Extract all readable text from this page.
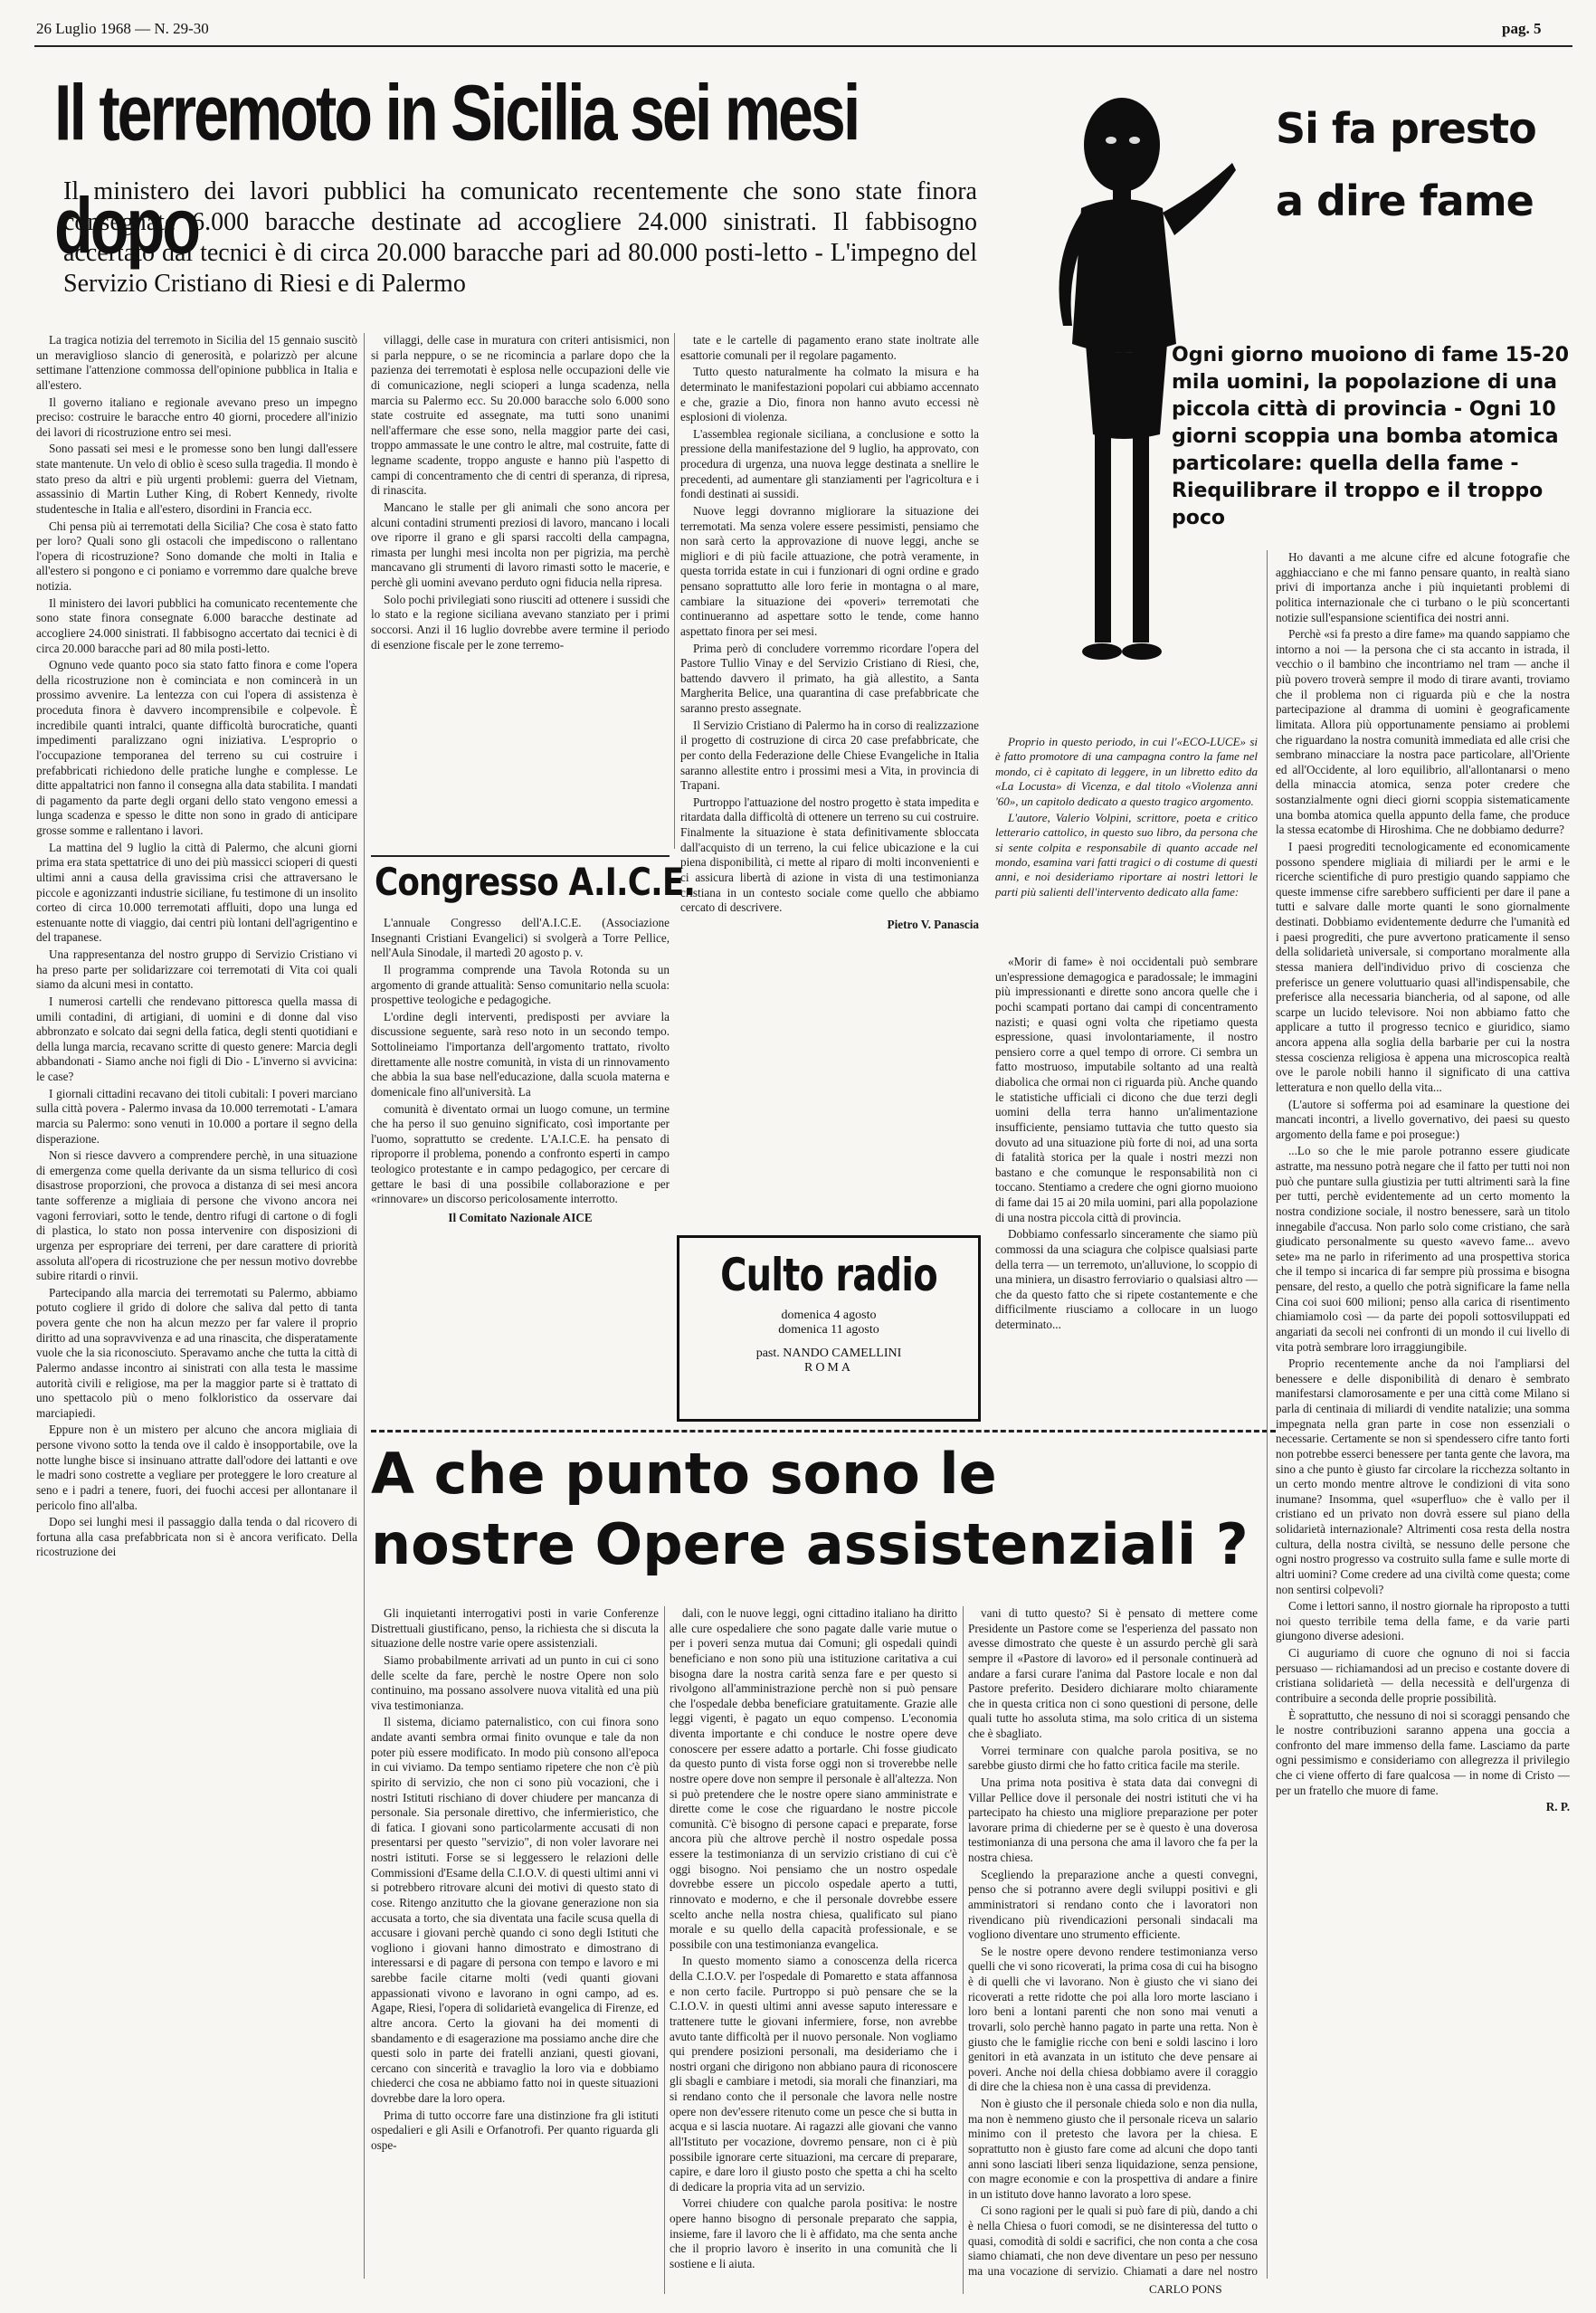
26 Luglio 1968 — N. 29-30	pag. 5
Il terremoto in Sicilia sei mesi dopo
Il ministero dei lavori pubblici ha comunicato recentemente che sono state finora consegnate 6.000 baracche destinate ad accogliere 24.000 sinistrati. Il fabbisogno accertato dai tecnici è di circa 20.000 baracche pari ad 80.000 posti-letto - L'impegno del Servizio Cristiano di Riesi e di Palermo

La tragica notizia del terremoto in Sicilia del 15 gennaio suscitò un meraviglioso slancio di generosità, e polarizzò per alcune settimane l'attenzione commossa dell'opinione pubblica in Italia e all'estero.

Il governo italiano e regionale avevano preso un impegno preciso: costruire le baracche entro 40 giorni, procedere all'inizio dei lavori di ricostruzione entro sei mesi.

Sono passati sei mesi e le promesse sono ben lungi dall'essere state mantenute. Un velo di oblio è sceso sulla tragedia. Il mondo è stato preso da altri e più urgenti problemi: guerra del Vietnam, assassinio di Martin Luther King, di Robert Kennedy, rivolte studentesche in Italia e all'estero, disordini in Francia ecc.

Chi pensa più ai terremotati della Sicilia? Che cosa è stato fatto per loro? Quali sono gli ostacoli che impediscono o rallentano l'opera di ricostruzione? Sono domande che molti in Italia e all'estero si pongono e ci poniamo e vorremmo dare qualche breve notizia.

Il ministero dei lavori pubblici ha comunicato recentemente che sono state finora consegnate 6.000 baracche destinate ad accogliere 24.000 sinistrati. Il fabbisogno accertato dai tecnici è di circa 20.000 baracche pari ad 80 mila posti-letto.

Ognuno vede quanto poco sia stato fatto finora e come l'opera della ricostruzione non è cominciata e non comincerà in un prossimo avvenire. La lentezza con cui l'opera di assistenza è proceduta finora è davvero incomprensibile e colpevole. È incredibile quanti intralci, quante difficoltà burocratiche, quanti impedimenti paralizzano ogni iniziativa. L'esproprio o l'occupazione temporanea del terreno su cui costruire i prefabbricati richiedono delle pratiche lunghe e complesse. Le ditte appaltatrici non fanno il consegna alla data stabilita. I mandati di pagamento da parte degli organi dello stato vengono emessi a lunga scadenza e spesso le ditte non sono in grado di anticipare grosse somme e rallentano i lavori.

La mattina del 9 luglio la città di Palermo, che alcuni giorni prima era stata spettatrice di uno dei più massicci scioperi di questi ultimi anni a causa della gravissima crisi che attraversano le piccole e agonizzanti industrie siciliane, fu testimone di un insolito corteo di circa 10.000 terremotati affluiti, dopo una lunga ed estenuante notte di viaggio, dai centri più lontani dell'agrigentino e del trapanese.

Una rappresentanza del nostro gruppo di Servizio Cristiano vi ha preso parte per solidarizzare coi terremotati di Vita coi quali siamo da alcuni mesi in contatto.

I numerosi cartelli che rendevano pittoresca quella massa di umili contadini, di artigiani, di uomini e di donne dal viso abbronzato e solcato dai segni della fatica, degli stenti quotidiani e della lunga marcia, recavano scritte di questo genere: Marcia degli abbandonati - Siamo anche noi figli di Dio - L'inverno si avvicina: le case?

I giornali cittadini recavano dei titoli cubitali: I poveri marciano sulla città povera - Palermo invasa da 10.000 terremotati - L'amara marcia su Palermo: sono venuti in 10.000 a portare il segno della disperazione.

Non si riesce davvero a comprendere perchè, in una situazione di emergenza come quella derivante da un sisma tellurico di così disastrose proporzioni, che provoca a distanza di sei mesi ancora tante sofferenze a migliaia di persone che vivono ancora nei vagoni ferroviari, sotto le tende, dentro rifugi di cartone o di fogli di plastica, lo stato non possa intervenire con disposizioni di urgenza per espropriare dei terreni, per dare carattere di priorità assoluta all'opera di ricostruzione che per nessun motivo dovrebbe subire ritardi o rinvii.

Partecipando alla marcia dei terremotati su Palermo, abbiamo potuto cogliere il grido di dolore che saliva dal petto di tanta povera gente che non ha alcun mezzo per far valere il proprio diritto ad una sopravvivenza e ad una rinascita, che disperatamente vuole che la sia riconosciuto. Speravamo anche che tutta la città di Palermo andasse incontro ai sinistrati con alla testa le massime autorità civili e religiose, ma per la maggior parte si è trattato di uno spettacolo più o meno folkloristico da osservare dai marciapiedi.

Eppure non è un mistero per alcuno che ancora migliaia di persone vivono sotto la tenda ove il caldo è insopportabile, ove la notte lunghe bisce si insinuano attratte dall'odore dei lattanti e ove le madri sono costrette a vegliare per proteggere le loro creature al seno e i padri a tenere, fuori, dei fuochi accesi per allontanare il pericolo fino all'alba.

Dopo sei lunghi mesi il passaggio dalla tenda o dal ricovero di fortuna alla casa prefabbricata non si è ancora verificato. Della ricostruzione dei

villaggi, delle case in muratura con criteri antisismici, non si parla neppure, o se ne ricomincia a parlare dopo che la pazienza dei terremotati è esplosa nelle occupazioni delle vie di comunicazione, negli scioperi a lunga scadenza, nella marcia su Palermo ecc. Su 20.000 baracche solo 6.000 sono state costruite ed assegnate, ma tutti sono unanimi nell'affermare che esse sono, nella maggior parte dei casi, troppo ammassate le une contro le altre, mal costruite, fatte di legname scadente, troppo anguste e hanno più l'aspetto di campi di concentramento che di centri di speranza, di ripresa, di rinascita.

Mancano le stalle per gli animali che sono ancora per alcuni contadini strumenti preziosi di lavoro, mancano i locali ove riporre il grano e gli sparsi raccolti della campagna, rimasta per lunghi mesi incolta non per pigrizia, ma perchè mancavano gli strumenti di lavoro rimasti sotto le macerie, e perchè gli uomini avevano perduto ogni fiducia nella ripresa.

Solo pochi privilegiati sono riusciti ad ottenere i sussidi che lo stato e la regione siciliana avevano stanziato per i primi soccorsi. Anzi il 16 luglio dovrebbe avere termine il periodo di esenzione fiscale per le zone terremo-

tate e le cartelle di pagamento erano state inoltrate alle esattorie comunali per il regolare pagamento.

Tutto questo naturalmente ha colmato la misura e ha determinato le manifestazioni popolari cui abbiamo accennato e che, grazie a Dio, finora non hanno avuto eccessi nè esplosioni di violenza.

L'assemblea regionale siciliana, a conclusione e sotto la pressione della manifestazione del 9 luglio, ha approvato, con procedura di urgenza, una nuova legge destinata a snellire le precedenti, ad aumentare gli stanziamenti per l'agricoltura e i fondi destinati ai sussidi.

Nuove leggi dovranno migliorare la situazione dei terremotati. Ma senza volere essere pessimisti, pensiamo che non sarà certo la approvazione di nuove leggi, anche se migliori e di più facile attuazione, che potrà veramente, in questa torrida estate in cui i funzionari di ogni ordine e grado pensano soprattutto alle loro ferie in montagna o al mare, cambiare la situazione dei «poveri» terremotati che continueranno ad aspettare sotto le tende, come hanno aspettato finora per sei mesi.

Prima però di concludere vorremmo ricordare l'opera del Pastore Tullio Vinay e del Servizio Cristiano di Riesi, che, battendo davvero il primato, ha già allestito, a Santa Margherita Belice, una quarantina di case prefabbricate che saranno presto assegnate.

Il Servizio Cristiano di Palermo ha in corso di realizzazione il progetto di costruzione di circa 20 case prefabbricate, che per conto della Federazione delle Chiese Evangeliche in Italia saranno allestite entro i prossimi mesi a Vita, in provincia di Trapani.

Purtroppo l'attuazione del nostro progetto è stata impedita e ritardata dalla difficoltà di ottenere un terreno su cui costruire. Finalmente la situazione è stata definitivamente sbloccata dall'acquisto di un terreno, la cui felice ubicazione e la cui piena disponibilità, ci mette al riparo di molti inconvenienti e ci assicura libertà di azione in vista di una testimonianza cristiana in un contesto sociale come quello che abbiamo cercato di descrivere.

Pietro V. Panascia
Congresso A.I.C.E.

L'annuale Congresso dell'A.I.C.E. (Associazione Insegnanti Cristiani Evangelici) si svolgerà a Torre Pellice, nell'Aula Sinodale, il martedì 20 agosto p. v.

Il programma comprende una Tavola Rotonda su un argomento di grande attualità: Senso comunitario nella scuola: prospettive teologiche e pedagogiche.

L'ordine degli interventi, predisposti per avviare la discussione seguente, sarà reso noto in un secondo tempo. Sottolineiamo l'importanza dell'argomento trattato, rivolto direttamente alle nostre comunità, in vista di un rinnovamento che abbia la sua base nell'educazione, dalla scuola materna e domenicale fino all'università. La

comunità è diventato ormai un luogo comune, un termine che ha perso il suo genuino significato, così importante per l'uomo, soprattutto se credente. L'A.I.C.E. ha pensato di riproporre il problema, ponendo a confronto esperti in campo teologico protestante e in campo pedagogico, per cercare di gettare le basi di una possibile collaborazione e per «rinnovare» un discorso pericolosamente interrotto.

Il Comitato Nazionale AICE
Culto radio
domenica 4 agosto
domenica 11 agosto
past. NANDO CAMELLINI
ROMA

Proprio in questo periodo, in cui l'«ECO-LUCE» si è fatto promotore di una campagna contro la fame nel mondo, ci è capitato di leggere, in un libretto edito da «La Locusta» di Vicenza, e dal titolo «Violenza anni '60», un capitolo dedicato a questo tragico argomento.

L'autore, Valerio Volpini, scrittore, poeta e critico letterario cattolico, in questo suo libro, da persona che si sente colpita e responsabile di quanto accade nel mondo, esamina vari fatti tragici o di costume di questi anni, e noi desideriamo riportare ai nostri lettori le parti più salienti dell'intervento dedicato alla fame:

Si fa presto
a dire fame
Ogni giorno muoiono di fame 15-20 mila uomini, la popolazione di una piccola città di provincia - Ogni 10 giorni scoppia una bomba atomica particolare: quella della fame - Riequilibrare il troppo e il troppo poco

«Morir di fame» è noi occidentali può sembrare un'espressione demagogica e paradossale; le immagini più impressionanti e dirette sono ancora quelle che i pochi scampati portano dai campi di concentramento nazisti; e quasi ogni volta che ripetiamo questa espressione, quasi involontariamente, il nostro pensiero corre a quel tempo di orrore. Ci sembra un fatto mostruoso, imputabile soltanto ad una realtà diabolica che ormai non ci riguarda più. Anche quando le statistiche ufficiali ci dicono che due terzi degli uomini della terra hanno un'alimentazione insufficiente, pensiamo tuttavia che tutto questo sia dovuto ad una situazione più forte di noi, ad una sorta di fatalità storica per la quale i nostri mezzi non bastano e che comunque le responsabilità non ci toccano. Stentiamo a credere che ogni giorno muoiono di fame dai 15 ai 20 mila uomini, pari alla popolazione di una nostra piccola città di provincia.

Dobbiamo confessarlo sinceramente che siamo più commossi da una sciagura che colpisce qualsiasi parte della terra — un terremoto, un'alluvione, lo scoppio di una miniera, un disastro ferroviario o qualsiasi altro — che da questo fatto che si ripete costantemente e che difficilmente riusciamo a collocare in un luogo determinato...

Ho davanti a me alcune cifre ed alcune fotografie che agghiacciano e che mi fanno pensare quanto, in realtà siano privi di importanza anche i più inquietanti problemi di politica internazionale che ci turbano o le più sconcertanti notizie sull'espansione scientifica dei nostri anni.

Perchè «si fa presto a dire fame» ma quando sappiamo che intorno a noi — la persona che ci sta accanto in istrada, il vecchio o il bambino che incontriamo nel tram — anche il più povero troverà sempre il modo di tirare avanti, troviamo che il problema non ci riguarda più e che la nostra partecipazione al dramma di uomini è geograficamente limitata. Allora più opportunamente pensiamo ai problemi che riguardano la nostra comunità immediata ed alle crisi che sembrano minacciare la nostra pace particolare, all'Oriente ed all'Occidente, al loro equilibrio, all'allontanarsi o meno della minaccia atomica, senza poter credere che sostanzialmente ogni dieci giorni scoppia sistematicamente una bomba atomica quella appunto della fame, che produce la stessa ecatombe di Hiroshima. Che ne dobbiamo dedurre?

I paesi progrediti tecnologicamente ed economicamente possono spendere migliaia di miliardi per le armi e le ricerche scientifiche di puro prestigio quando sappiamo che queste immense cifre sarebbero sufficienti per dare il pane a tutti e salvare dalle morte quanti le sono giornalmente destinati. Dobbiamo evidentemente dedurre che l'umanità ed i paesi progrediti, che pure avvertono praticamente il senso della solidarietà universale, si comportano moralmente alla stessa maniera dell'individuo privo di coscienza che preferisce un genere voluttuario quasi all'indispensabile, che preferisce alla necessaria biancheria, od al sapone, od alle scarpe un lucido televisore. Noi non abbiamo fatto che applicare a tutto il progresso tecnico e giuridico, siamo ancora appena alla soglia della barbarie per cui la nostra stessa coscienza religiosa è appena una microscopica realtà ove le parole nobili hanno il significato di una cattiva letteratura e non quello della vita...

(L'autore si sofferma poi ad esaminare la questione dei mancati incontri, a livello governativo, dei paesi su questo argomento della fame e poi prosegue:)

...Lo so che le mie parole potranno essere giudicate astratte, ma nessuno potrà negare che il fatto per tutti noi non può che puntare sulla giustizia per tutti altrimenti sarà la fine per tutti, perchè evidentemente ad un certo momento la nostra condizione sociale, il nostro benessere, sarà un titolo innegabile d'accusa. Non parlo solo come cristiano, che sarà giudicato personalmente su questo «avevo fame... avevo sete» ma ne parlo in riferimento ad una prospettiva storica che il tempo si incarica di far sempre più prossima e bisogna pensare, del resto, a quello che potrà significare la fame nella Cina coi suoi 600 milioni; penso alla carica di risentimento chiamiamolo così — da parte dei popoli sottosviluppati ed angariati da secoli nei confronti di un mondo il cui livello di vita potrà sembrare loro irraggiungibile.

Proprio recentemente anche da noi l'ampliarsi del benessere e delle disponibilità di denaro è sembrato manifestarsi clamorosamente e per una città come Milano si parla di centinaia di miliardi di vendite natalizie; una somma impegnata nella gran parte in cose non essenziali o necessarie. Certamente se non si spendessero cifre tanto forti non potrebbe esserci benessere per tanta gente che lavora, ma sino a che punto è giusto far circolare la ricchezza soltanto in un certo mondo mentre altrove le condizioni di vita sono inumane? Insomma, quel «superfluo» che è vallo per il cristiano ed un privato non dovrà essere sul piano della solidarietà internazionale? Altrimenti cosa resta della nostra cultura, della nostra civiltà, se nessuno delle persone che ogni nostro progresso va costruito sulla fame e sulle morte di altri uomini? Come credere ad una civiltà come questa; come non sentirsi colpevoli?

Come i lettori sanno, il nostro giornale ha riproposto a tutti noi questo terribile tema della fame, e da varie parti giungono diverse adesioni.

Ci auguriamo di cuore che ognuno di noi si faccia persuaso — richiamandosi ad un preciso e costante dovere di cristiana solidarietà — della necessità e dell'urgenza di contribuire a seconda delle proprie possibilità.

È soprattutto, che nessuno di noi si scoraggi pensando che le nostre contribuzioni saranno appena una goccia a confronto del mare immenso della fame. Lasciamo da parte ogni pessimismo e consideriamo con allegrezza il privilegio che ci viene offerto di fare qualcosa — in nome di Cristo — per un fratello che muore di fame.

R. P.
A che punto sono le
nostre Opere assistenziali ?

Gli inquietanti interrogativi posti in varie Conferenze Distrettuali giustificano, penso, la richiesta che si discuta la situazione delle nostre varie opere assistenziali.

Siamo probabilmente arrivati ad un punto in cui ci sono delle scelte da fare, perchè le nostre Opere non solo continuino, ma possano assolvere nuova vitalità ed una più viva testimonianza.

Il sistema, diciamo paternalistico, con cui finora sono andate avanti sembra ormai finito ovunque e tale da non poter più essere modificato. In modo più consono all'epoca in cui viviamo. Da tempo sentiamo ripetere che non c'è più spirito di servizio, che non ci sono più vocazioni, che i nostri Istituti rischiano di dover chiudere per mancanza di personale. Sia personale direttivo, che infermieristico, che di fatica. I giovani sono particolarmente accusati di non presentarsi per questo "servizio", di non voler lavorare nei nostri istituti. Forse se si leggessero le relazioni delle Commissioni d'Esame della C.I.O.V. di questi ultimi anni vi si potrebbero ritrovare alcuni dei motivi di questo stato di cose. Ritengo anzitutto che la giovane generazione non sia accusata a torto, che sia diventata una facile scusa quella di accusare i giovani perchè quando ci sono degli Istituti che vogliono i giovani hanno dimostrato e dimostrano di interessarsi e di pagare di persona con tempo e lavoro e mi sarebbe facile citarne molti (vedi quanti giovani appassionati vivono e lavorano in ogni campo, ad es. Agape, Riesi, l'opera di solidarietà evangelica di Firenze, ed altre ancora. Certo la giovani ha dei momenti di sbandamento e di esagerazione ma possiamo anche dire che questi solo in parte dei fratelli anziani, questi giovani, cercano con sincerità e travaglio la loro via e dobbiamo chiederci che cosa ne abbiamo fatto noi in queste situazioni dovrebbe dare la loro opera.

Prima di tutto occorre fare una distinzione fra gli istituti ospedalieri e gli Asili e Orfanotrofi. Per quanto riguarda gli ospe-

dali, con le nuove leggi, ogni cittadino italiano ha diritto alle cure ospedaliere che sono pagate dalle varie mutue o per i poveri senza mutua dai Comuni; gli ospedali quindi beneficiano e non sono più una istituzione caritativa a cui bisogna dare la nostra carità senza fare e per questo si rivolgono all'amministrazione perchè non si può pensare che l'ospedale debba beneficiare gratuitamente. Grazie alle leggi vigenti, è pagato un equo compenso. L'economia diventa importante e chi conduce le nostre opere deve conoscere per essere adatto a portarle. Chi fosse giudicato da questo punto di vista forse oggi non si troverebbe nelle nostre opere dove non sempre il personale è all'altezza. Non si può pretendere che le nostre opere siano amministrate e dirette come le cose che riguardano le nostre piccole comunità. C'è bisogno di persone capaci e preparate, forse ancora più che altrove perchè il nostro ospedale possa essere la testimonianza di un servizio cristiano di cui c'è oggi bisogno. Noi pensiamo che un nostro ospedale dovrebbe essere un piccolo ospedale aperto a tutti, rinnovato e moderno, e che il personale dovrebbe essere scelto anche nella nostra chiesa, qualificato sul piano morale e su quello della capacità professionale, e se possibile con una testimonianza evangelica.

In questo momento siamo a conoscenza della ricerca della C.I.O.V. per l'ospedale di Pomaretto e stata affannosa e non certo facile. Purtroppo si può pensare che se la C.I.O.V. in questi ultimi anni avesse saputo interessare e trattenere tutte le giovani infermiere, forse, non avrebbe avuto tante difficoltà per il nuovo personale. Non vogliamo qui prendere posizioni personali, ma desideriamo che i nostri organi che dirigono non abbiano paura di riconoscere gli sbagli e cambiare i metodi, sia morali che finanziari, ma si rendano conto che il personale che lavora nelle nostre opere non dev'essere ritenuto come un pesce che si butta in acqua e si lascia nuotare. Ai ragazzi alle giovani che vanno all'Istituto per vocazione, dovremo pensare, non ci è più possibile ignorare certe situazioni, ma cercare di preparare, capire, e dare loro il giusto posto che spetta a chi ha scelto di dedicare la propria vita ad un servizio.

Vorrei chiudere con qualche parola positiva: le nostre opere hanno bisogno di personale preparato che sappia, insieme, fare il lavoro che li è affidato, ma che senta anche che il proprio lavoro è inserito in una comunità che li sostiene e li aiuta.

vani di tutto questo? Si è pensato di mettere come Presidente un Pastore come se l'esperienza del passato non avesse dimostrato che queste è un assurdo perchè gli sarà sempre il «Pastore di lavoro» ed il personale continuerà ad andare a farsi curare l'anima dal Pastore locale e non dal Pastore preferito. Desidero dichiarare molto chiaramente che in questa critica non ci sono questioni di persone, delle quali tutte ho assoluta stima, ma solo critica di un sistema che è sbagliato.

Vorrei terminare con qualche parola positiva, se no sarebbe giusto dirmi che ho fatto critica facile ma sterile.

Una prima nota positiva è stata data dai convegni di Villar Pellice dove il personale dei nostri istituti che vi ha partecipato ha chiesto una migliore preparazione per poter lavorare prima di chiederne per se è questo è una doverosa testimonianza di una persona che ama il lavoro che fa per la nostra chiesa.

Scegliendo la preparazione anche a questi convegni, penso che si potranno avere degli sviluppi positivi e gli amministratori si rendano conto che i lavoratori non rivendicano più rivendicazioni personali sindacali ma vogliono diventare uno strumento efficiente.

Se le nostre opere devono rendere testimonianza verso quelli che vi sono ricoverati, la prima cosa di cui ha bisogno è di quelli che vi lavorano. Non è giusto che vi siano dei ricoverati a rette ridotte che poi alla loro morte lasciano i loro beni a lontani parenti che non sono mai venuti a trovarli, solo perchè hanno pagato in parte una retta. Non è giusto che le famiglie ricche con beni e soldi lascino i loro genitori in età avanzata in un istituto che deve pensare ai poveri. Anche noi della chiesa dobbiamo avere il coraggio di dire che la chiesa non è una cassa di previdenza.

Non è giusto che il personale chieda solo e non dia nulla, ma non è nemmeno giusto che il personale riceva un salario minimo con il pretesto che lavora per la chiesa. E soprattutto non è giusto fare come ad alcuni che dopo tanti anni sono lasciati liberi senza liquidazione, senza pensione, con magre economie e con la prospettiva di andare a finire in un istituto dove hanno lavorato a loro spese.

Ci sono ragioni per le quali si può fare di più, dando a chi è nella Chiesa o fuori comodi, se ne disinteressa del tutto o quasi, comodità di soldi e sacrifici, che non conta a che cosa siamo chiamati, che non deve diventare un peso per nessuno ma una vocazione di servizio. Chiamati a dare nel nostro

CARLO PONS
